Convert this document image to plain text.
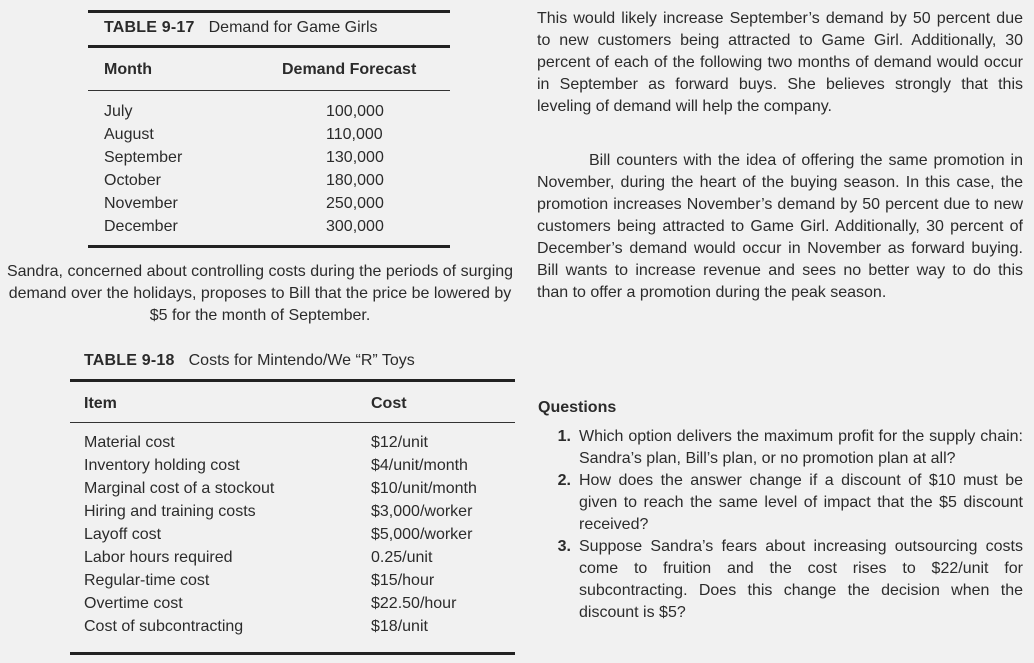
TABLE 9-17 Demand for Game Girls
Month	Demand Forecast
July
August
September
October
November
December
100,000
110,000
130,000
180,000
250,000
300,000
Sandra, concerned about controlling costs during the periods of surging demand over the holidays, proposes to Bill that the price be lowered by $5 for the month of September.
TABLE 9-18 Costs for Mintendo/We “R” Toys
Item	Cost
Material cost
Inventory holding cost
Marginal cost of a stockout
Hiring and training costs
Layoff cost
Labor hours required
Regular-time cost
Overtime cost
Cost of subcontracting
$12/unit
$4/unit/month
$10/unit/month
$3,000/worker
$5,000/worker
0.25/unit
$15/hour
$22.50/hour
$18/unit
This would likely increase September’s demand by 50 percent due to new customers being attracted to Game Girl. Additionally, 30 percent of each of the following two months of demand would occur in September as forward buys. She believes strongly that this leveling of demand will help the company.
Bill counters with the idea of offering the same promotion in November, during the heart of the buying season. In this case, the promotion increases November’s demand by 50 percent due to new customers being attracted to Game Girl. Additionally, 30 percent of December’s demand would occur in November as forward buying. Bill wants to increase revenue and sees no better way to do this than to offer a promotion during the peak season.
Questions
1. Which option delivers the maximum profit for the supply chain: Sandra’s plan, Bill’s plan, or no promotion plan at all?
2. How does the answer change if a discount of $10 must be given to reach the same level of impact that the $5 discount received?
3. Suppose Sandra’s fears about increasing outsourcing costs come to fruition and the cost rises to $22/unit for subcontracting. Does this change the decision when the discount is $5?
